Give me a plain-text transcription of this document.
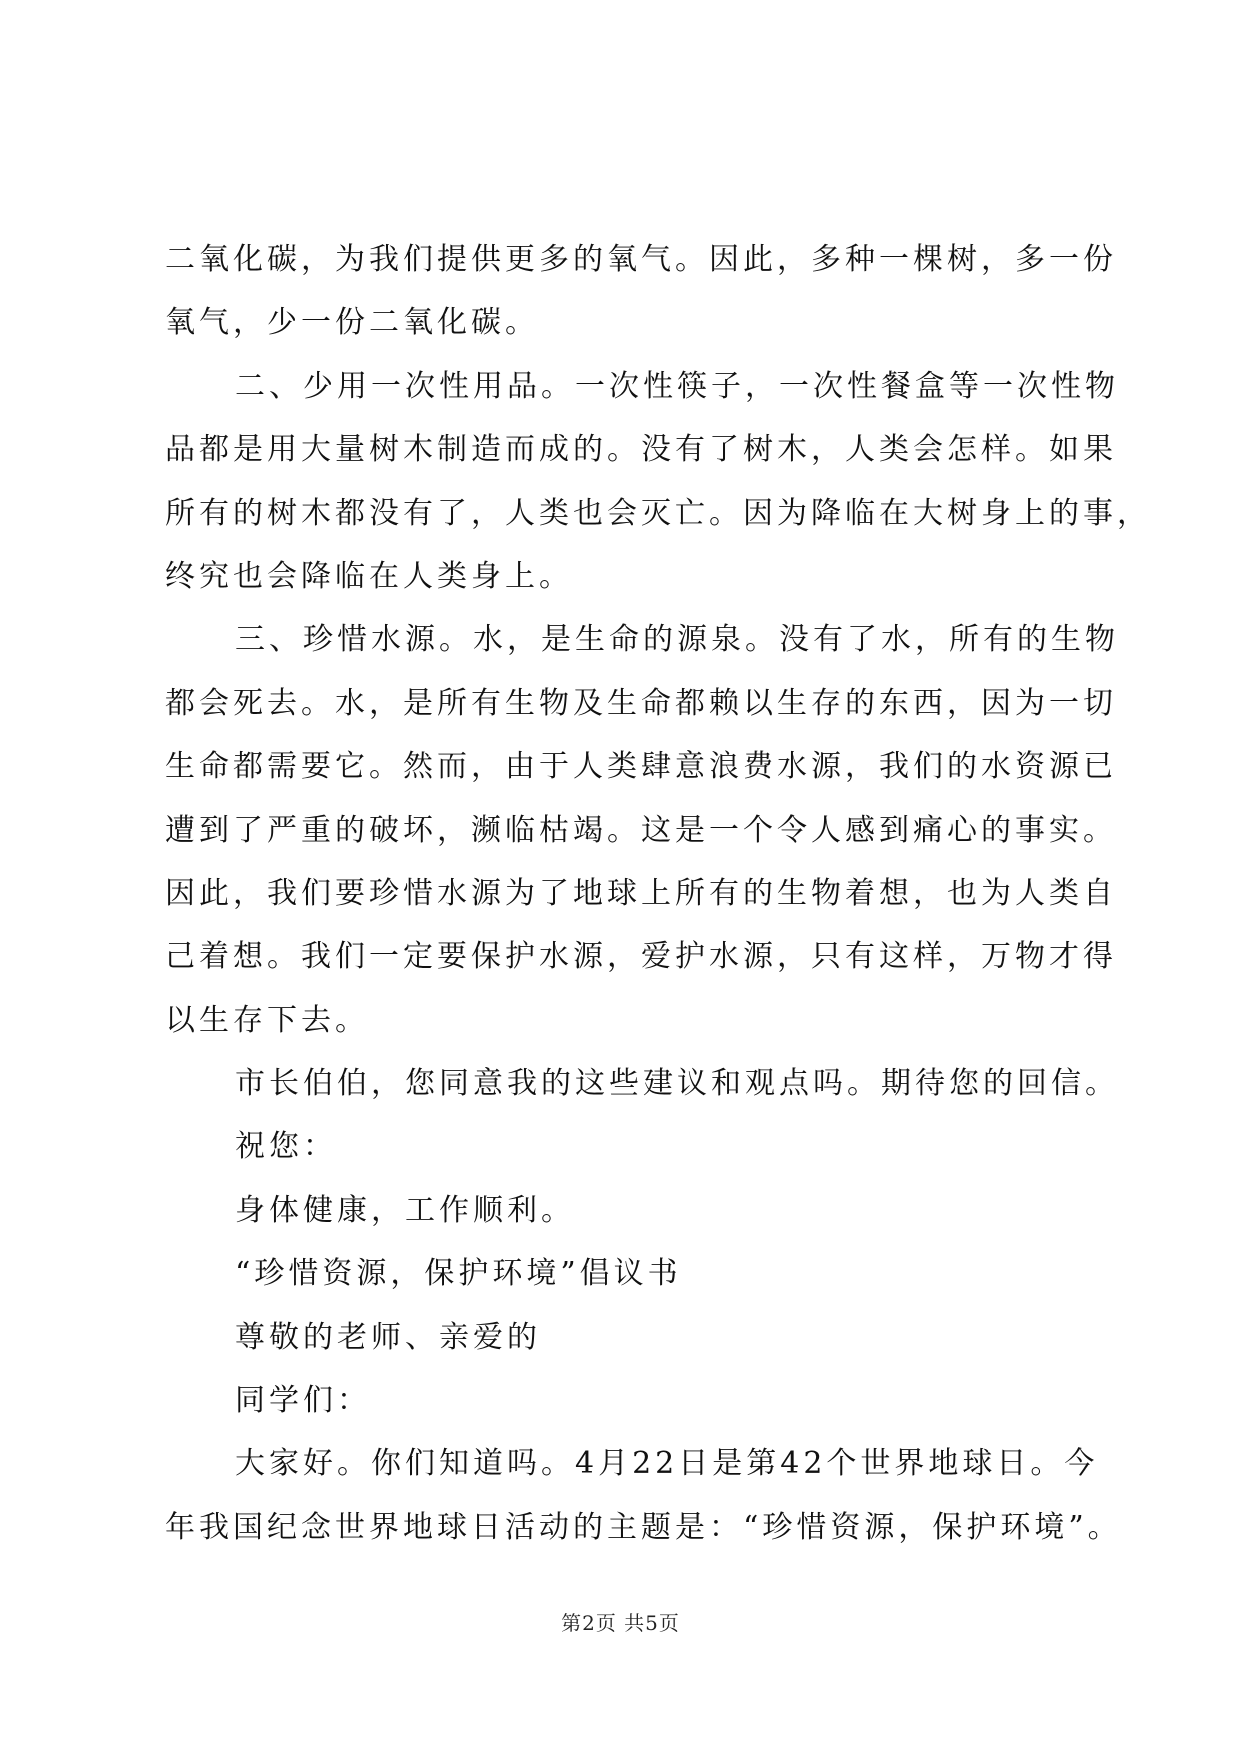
二氧化碳，为我们提供更多的氧气。因此，多种一棵树，多一份
氧气，少一份二氧化碳。
二、少用一次性用品。一次性筷子，一次性餐盒等一次性物
品都是用大量树木制造而成的。没有了树木，人类会怎样。如果
所有的树木都没有了，人类也会灭亡。因为降临在大树身上的事，
终究也会降临在人类身上。
三、珍惜水源。水，是生命的源泉。没有了水，所有的生物
都会死去。水，是所有生物及生命都赖以生存的东西，因为一切
生命都需要它。然而，由于人类肆意浪费水源，我们的水资源已
遭到了严重的破坏，濒临枯竭。这是一个令人感到痛心的事实。
因此，我们要珍惜水源为了地球上所有的生物着想，也为人类自
己着想。我们一定要保护水源，爱护水源，只有这样，万物才得
以生存下去。
市长伯伯，您同意我的这些建议和观点吗。期待您的回信。
祝您：
身体健康，工作顺利。
“珍惜资源，保护环境”倡议书
尊敬的老师、亲爱的
同学们：
大家好。你们知道吗。4月22日是第42个世界地球日。今
年我国纪念世界地球日活动的主题是：“珍惜资源，保护环境”。
第2页 共5页
